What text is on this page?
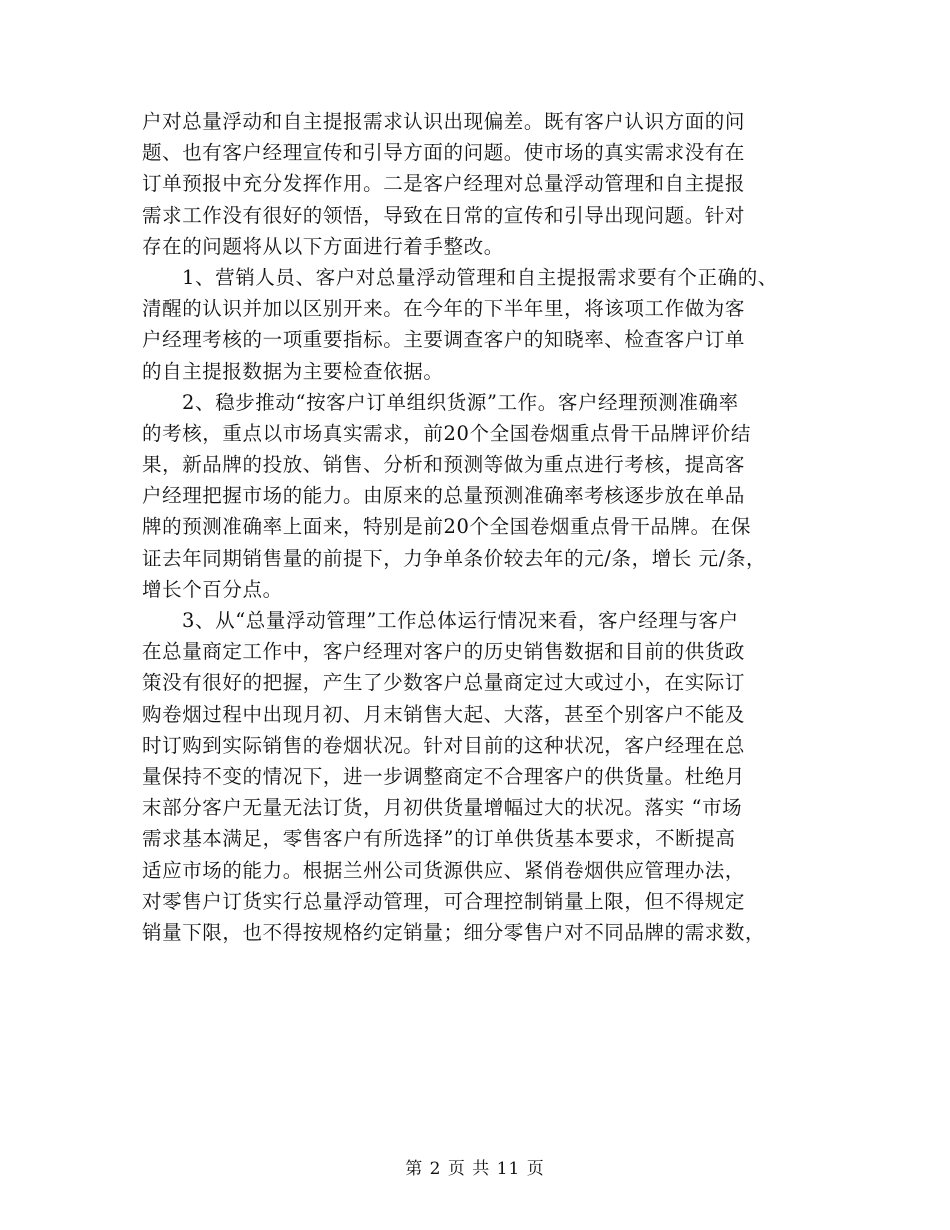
户对总量浮动和自主提报需求认识出现偏差。既有客户认识方面的问
题、也有客户经理宣传和引导方面的问题。使市场的真实需求没有在
订单预报中充分发挥作用。二是客户经理对总量浮动管理和自主提报
需求工作没有很好的领悟，导致在日常的宣传和引导出现问题。针对
存在的问题将从以下方面进行着手整改。
1、营销人员、客户对总量浮动管理和自主提报需求要有个正确的、
清醒的认识并加以区别开来。在今年的下半年里，将该项工作做为客
户经理考核的一项重要指标。主要调查客户的知晓率、检查客户订单
的自主提报数据为主要检查依据。
2、稳步推动“按客户订单组织货源”工作。客户经理预测准确率
的考核，重点以市场真实需求，前20个全国卷烟重点骨干品牌评价结
果，新品牌的投放、销售、分析和预测等做为重点进行考核，提高客
户经理把握市场的能力。由原来的总量预测准确率考核逐步放在单品
牌的预测准确率上面来，特别是前20个全国卷烟重点骨干品牌。在保
证去年同期销售量的前提下，力争单条价较去年的元/条，增长 元/条，
增长个百分点。
3、从“总量浮动管理”工作总体运行情况来看，客户经理与客户
在总量商定工作中，客户经理对客户的历史销售数据和目前的供货政
策没有很好的把握，产生了少数客户总量商定过大或过小，在实际订
购卷烟过程中出现月初、月末销售大起、大落，甚至个别客户不能及
时订购到实际销售的卷烟状况。针对目前的这种状况，客户经理在总
量保持不变的情况下，进一步调整商定不合理客户的供货量。杜绝月
末部分客户无量无法订货，月初供货量增幅过大的状况。落实 “市场
需求基本满足，零售客户有所选择”的订单供货基本要求，不断提高
适应市场的能力。根据兰州公司货源供应、紧俏卷烟供应管理办法，
对零售户订货实行总量浮动管理，可合理控制销量上限，但不得规定
销量下限，也不得按规格约定销量；细分零售户对不同品牌的需求数，
第 2 页 共 11 页
